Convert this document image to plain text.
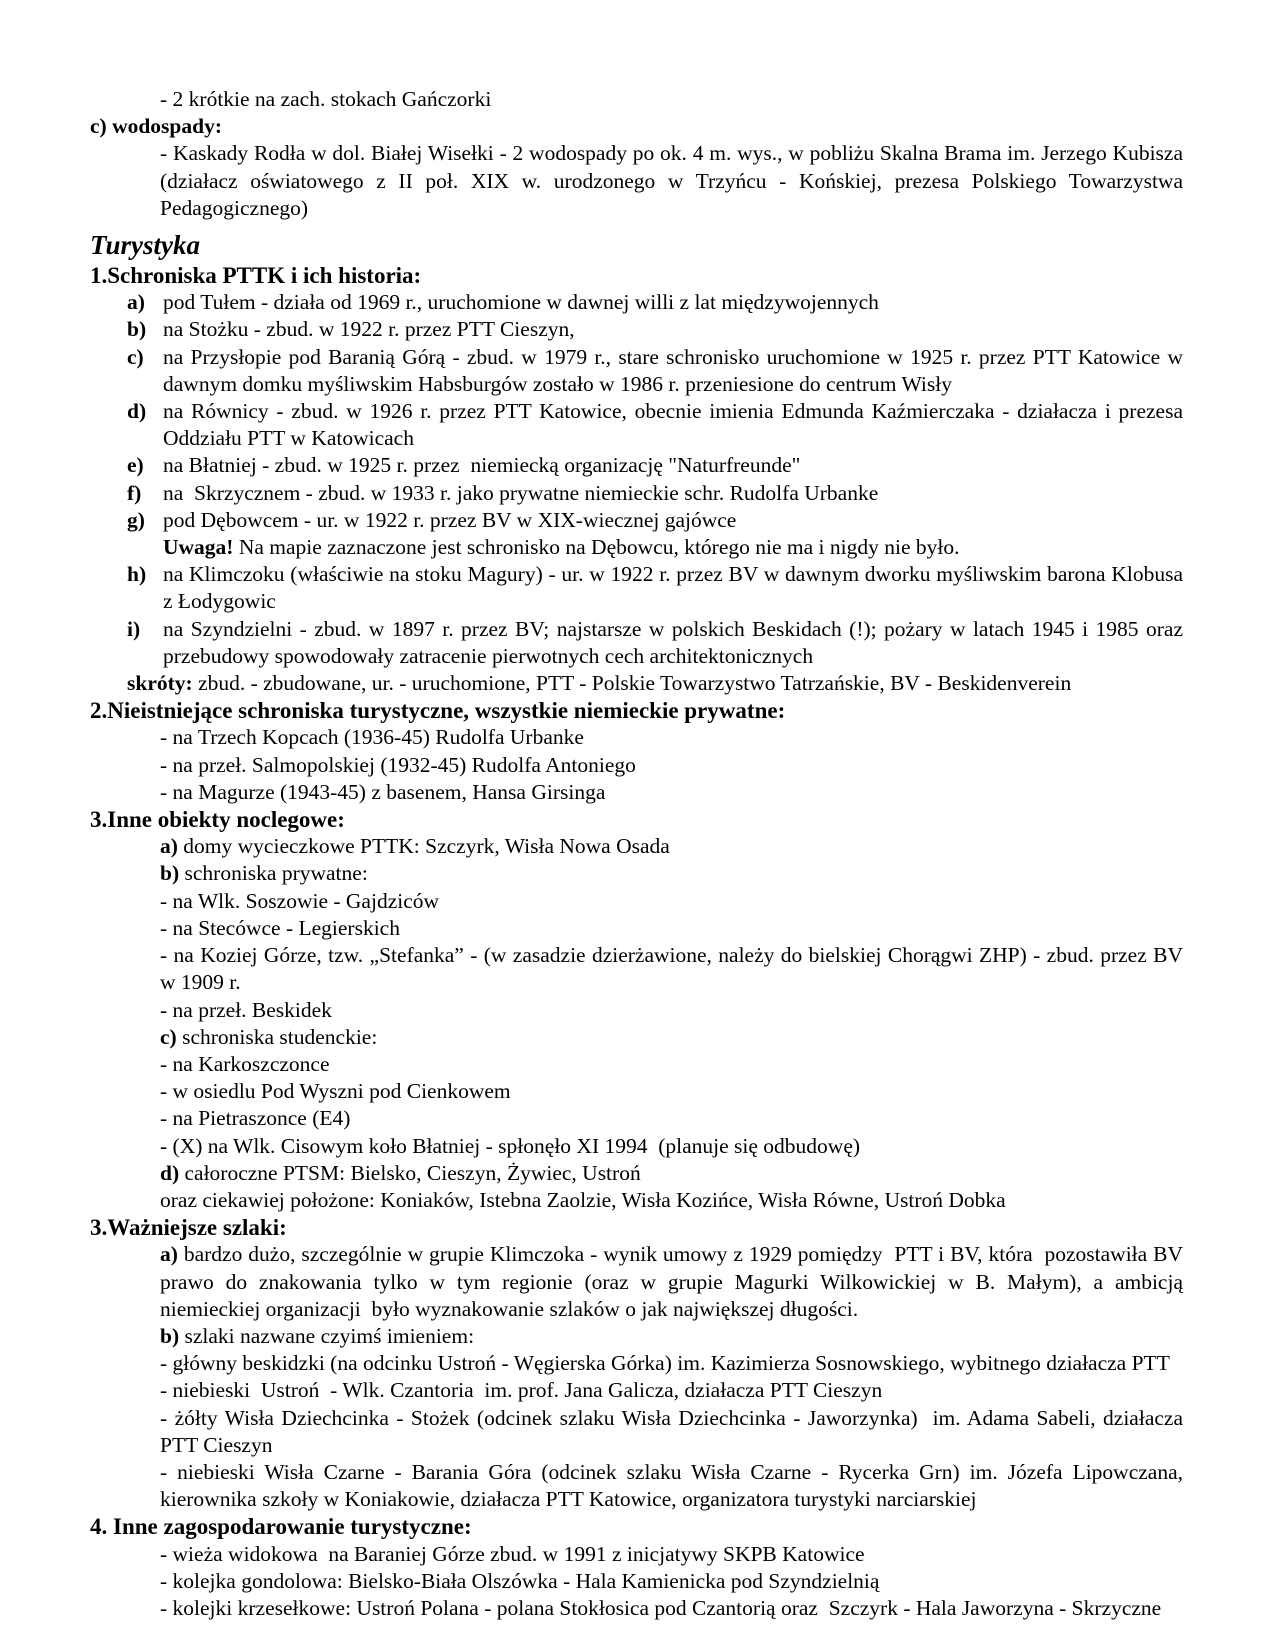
- 2 krótkie na zach. stokach Gańczorki
c) wodospady:
- Kaskady Rodła w dol. Białej Wisełki - 2 wodospady po ok. 4 m. wys., w pobliżu Skalna Brama im. Jerzego Kubisza (działacz oświatowego z II poł. XIX w. urodzonego w Trzyńcu - Końskiej, prezesa Polskiego Towarzystwa Pedagogicznego)
Turystyka
1.Schroniska PTTK i ich historia:
a) pod Tułem - działa od 1969 r., uruchomione w dawnej willi z lat międzywojennych
b) na Stożku - zbud. w 1922 r. przez PTT Cieszyn,
c) na Przysłopie pod Baranią Górą - zbud. w 1979 r., stare schronisko uruchomione w 1925 r. przez PTT Katowice w dawnym domku myśliwskim Habsburgów zostało w 1986 r. przeniesione do centrum Wisły
d) na Równicy - zbud. w 1926 r. przez PTT Katowice, obecnie imienia Edmunda Kaźmierczaka - działacza i prezesa Oddziału PTT w Katowicach
e) na Błatniej - zbud. w 1925 r. przez  niemiecką organizację "Naturfreunde"
f) na  Skrzycznem - zbud. w 1933 r. jako prywatne niemieckie schr. Rudolfa Urbanke
g) pod Dębowcem - ur. w 1922 r. przez BV w XIX-wiecznej gajówce
Uwaga! Na mapie zaznaczone jest schronisko na Dębowcu, którego nie ma i nigdy nie było.
h) na Klimczoku (właściwie na stoku Magury) - ur. w 1922 r. przez BV w dawnym dworku myśliwskim barona Klobusa z Łodygowic
i) na Szyndzielni - zbud. w 1897 r. przez BV; najstarsze w polskich Beskidach (!); pożary w latach 1945 i 1985 oraz przebudowy spowodowały zatracenie pierwotnych cech architektonicznych
skróty: zbud. - zbudowane, ur. - uruchomione, PTT - Polskie Towarzystwo Tatrzańskie, BV - Beskidenverein
2.Nieistniejące schroniska turystyczne, wszystkie niemieckie prywatne:
- na Trzech Kopcach (1936-45) Rudolfa Urbanke
- na przeł. Salmopolskiej (1932-45) Rudolfa Antoniego
- na Magurze (1943-45) z basenem, Hansa Girsinga
3.Inne obiekty noclegowe:
a) domy wycieczkowe PTTK: Szczyrk, Wisła Nowa Osada
b) schroniska prywatne:
- na Wlk. Soszowie - Gajdziców
- na Stecówce - Legierskich
- na Koziej Górze, tzw. „Stefanka” - (w zasadzie dzierżawione, należy do bielskiej Chorągwi ZHP) - zbud. przez BV w 1909 r.
- na przeł. Beskidek
c) schroniska studenckie:
- na Karkoszczonce
- w osiedlu Pod Wyszni pod Cienkowem
- na Pietraszonce (E4)
- (X) na Wlk. Cisowym koło Błatniej - spłonęło XI 1994  (planuje się odbudowę)
d) całoroczne PTSM: Bielsko, Cieszyn, Żywiec, Ustroń
oraz ciekawiej położone: Koniaków, Istebna Zaolzie, Wisła Kozińce, Wisła Równe, Ustroń Dobka
3.Ważniejsze szlaki:
a) bardzo dużo, szczególnie w grupie Klimczoka - wynik umowy z 1929 pomiędzy  PTT i BV, która  pozostawiła BV prawo do znakowania tylko w tym regionie (oraz w grupie Magurki Wilkowickiej w B. Małym), a ambicją niemieckiej organizacji  było wyznakowanie szlaków o jak największej długości.
b) szlaki nazwane czyimś imieniem:
- główny beskidzki (na odcinku Ustroń - Węgierska Górka) im. Kazimierza Sosnowskiego, wybitnego działacza PTT
- niebieski  Ustroń  - Wlk. Czantoria  im. prof. Jana Galicza, działacza PTT Cieszyn
- żółty Wisła Dziechcinka - Stożek (odcinek szlaku Wisła Dziechcinka - Jaworzynka)  im. Adama Sabeli, działacza PTT Cieszyn
- niebieski Wisła Czarne - Barania Góra (odcinek szlaku Wisła Czarne - Rycerka Grn) im. Józefa Lipowczana, kierownika szkoły w Koniakowie, działacza PTT Katowice, organizatora turystyki narciarskiej
4. Inne zagospodarowanie turystyczne:
- wieża widokowa  na Baraniej Górze zbud. w 1991 z inicjatywy SKPB Katowice
- kolejka gondolowa: Bielsko-Biała Olszówka - Hala Kamienicka pod Szyndzielnią
- kolejki krzesełkowe: Ustroń Polana - polana Stokłosica pod Czantorią oraz  Szczyrk - Hala Jaworzyna - Skrzyczne
